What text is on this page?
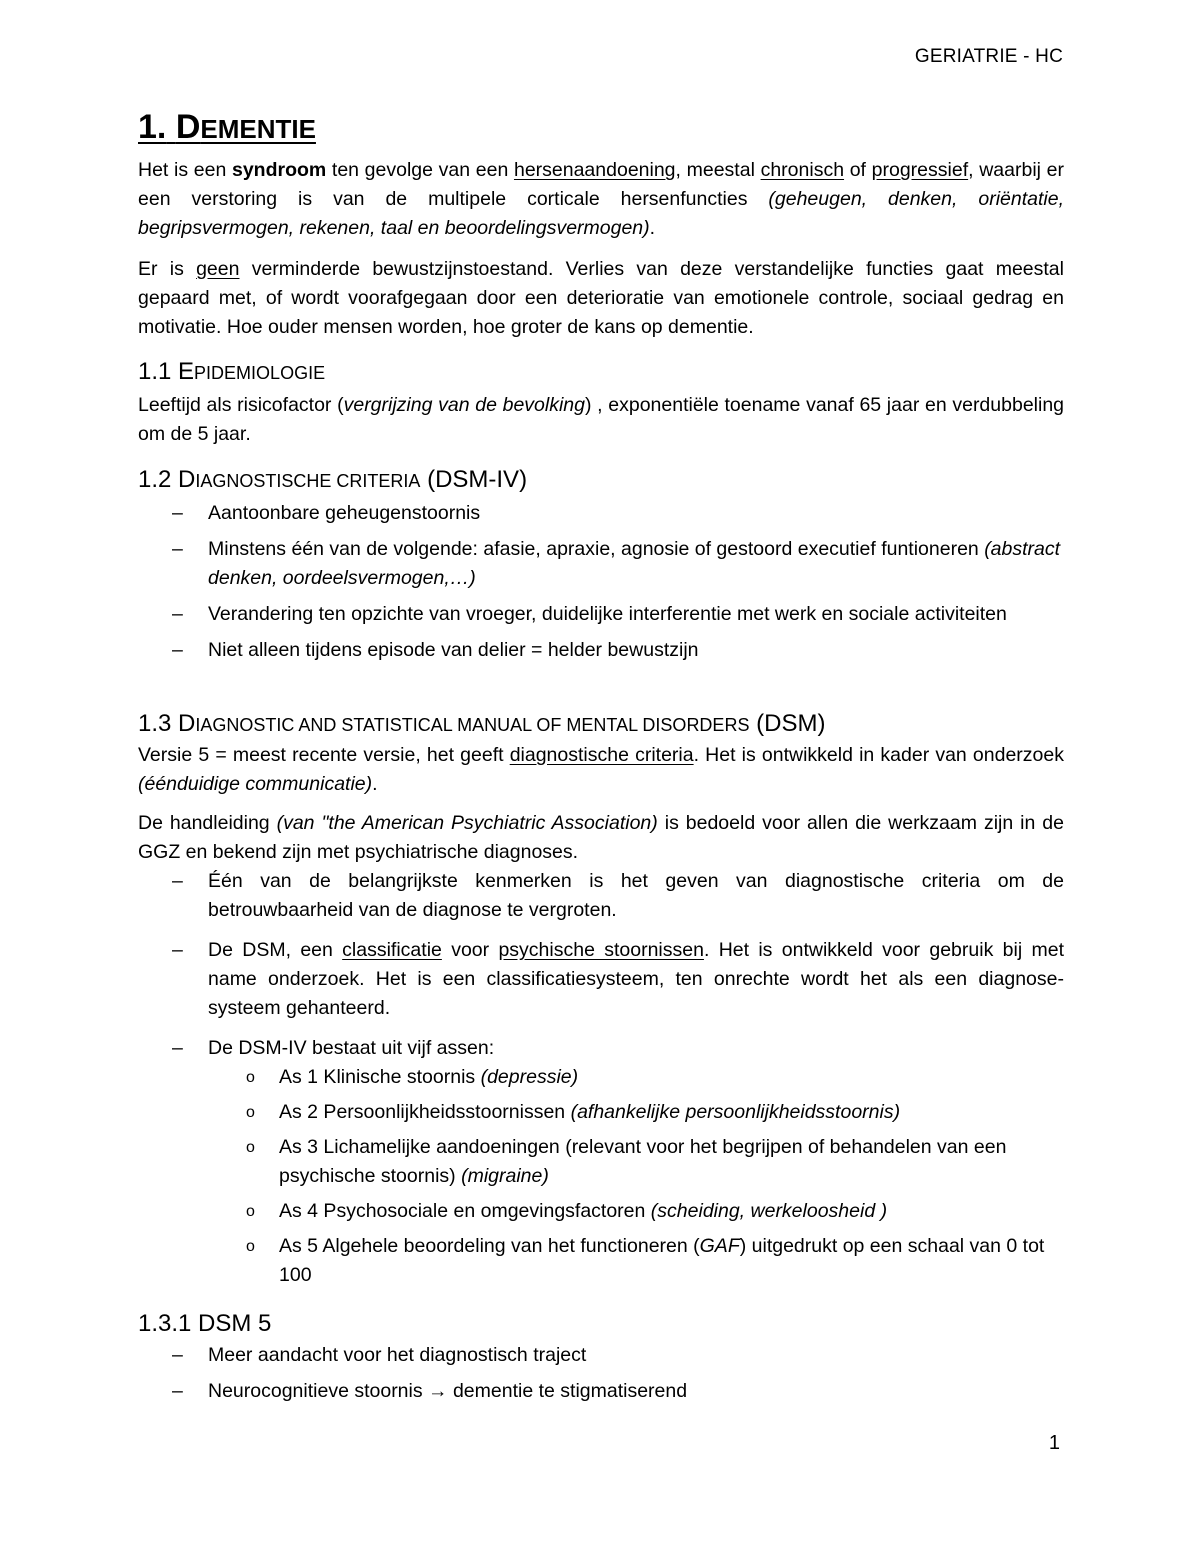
GERIATRIE - HC
1. DEMENTIE

Het is een syndroom ten gevolge van een hersenaandoening, meestal chronisch of progressief, waarbij er een verstoring is van de multipele corticale hersenfuncties (geheugen, denken, oriëntatie, begripsvermogen, rekenen, taal en beoordelingsvermogen).

Er is geen verminderde bewustzijnstoestand. Verlies van deze verstandelijke functies gaat meestal gepaard met, of wordt voorafgegaan door een deterioratie van emotionele controle, sociaal gedrag en motivatie. Hoe ouder mensen worden, hoe groter de kans op dementie.

1.1 EPIDEMIOLOGIE

Leeftijd als risicofactor (vergrijzing van de bevolking) , exponentiële toename vanaf 65 jaar en verdubbeling om de 5 jaar.

1.2 DIAGNOSTISCHE CRITERIA (DSM-IV)
– Aantoonbare geheugenstoornis
– Minstens één van de volgende: afasie, apraxie, agnosie of gestoord executief funtioneren (abstract denken, oordeelsvermogen,…)
– Verandering ten opzichte van vroeger, duidelijke interferentie met werk en sociale activiteiten
– Niet alleen tijdens episode van delier = helder bewustzijn
1.3 DIAGNOSTIC AND STATISTICAL MANUAL OF MENTAL DISORDERS (DSM)

Versie 5 = meest recente versie, het geeft diagnostische criteria. Het is ontwikkeld in kader van onderzoek (éénduidige communicatie).

De handleiding (van "the American Psychiatric Association) is bedoeld voor allen die werkzaam zijn in de GGZ en bekend zijn met psychiatrische diagnoses.

– Één van de belangrijkste kenmerken is het geven van diagnostische criteria om de betrouwbaarheid van de diagnose te vergroten.
– De DSM, een classificatie voor psychische stoornissen. Het is ontwikkeld voor gebruik bij met name onderzoek. Het is een classificatiesysteem, ten onrechte wordt het als een diagnose-systeem gehanteerd.
– De DSM-IV bestaat uit vijf assen:
o As 1 Klinische stoornis (depressie)
o As 2 Persoonlijkheidsstoornissen (afhankelijke persoonlijkheidsstoornis)
o As 3 Lichamelijke aandoeningen (relevant voor het begrijpen of behandelen van een psychische stoornis) (migraine)
o As 4 Psychosociale en omgevingsfactoren (scheiding, werkeloosheid )
o As 5 Algehele beoordeling van het functioneren (GAF) uitgedrukt op een schaal van 0 tot 100
1.3.1 DSM 5
– Meer aandacht voor het diagnostisch traject
– Neurocognitieve stoornis → dementie te stigmatiserend
1
